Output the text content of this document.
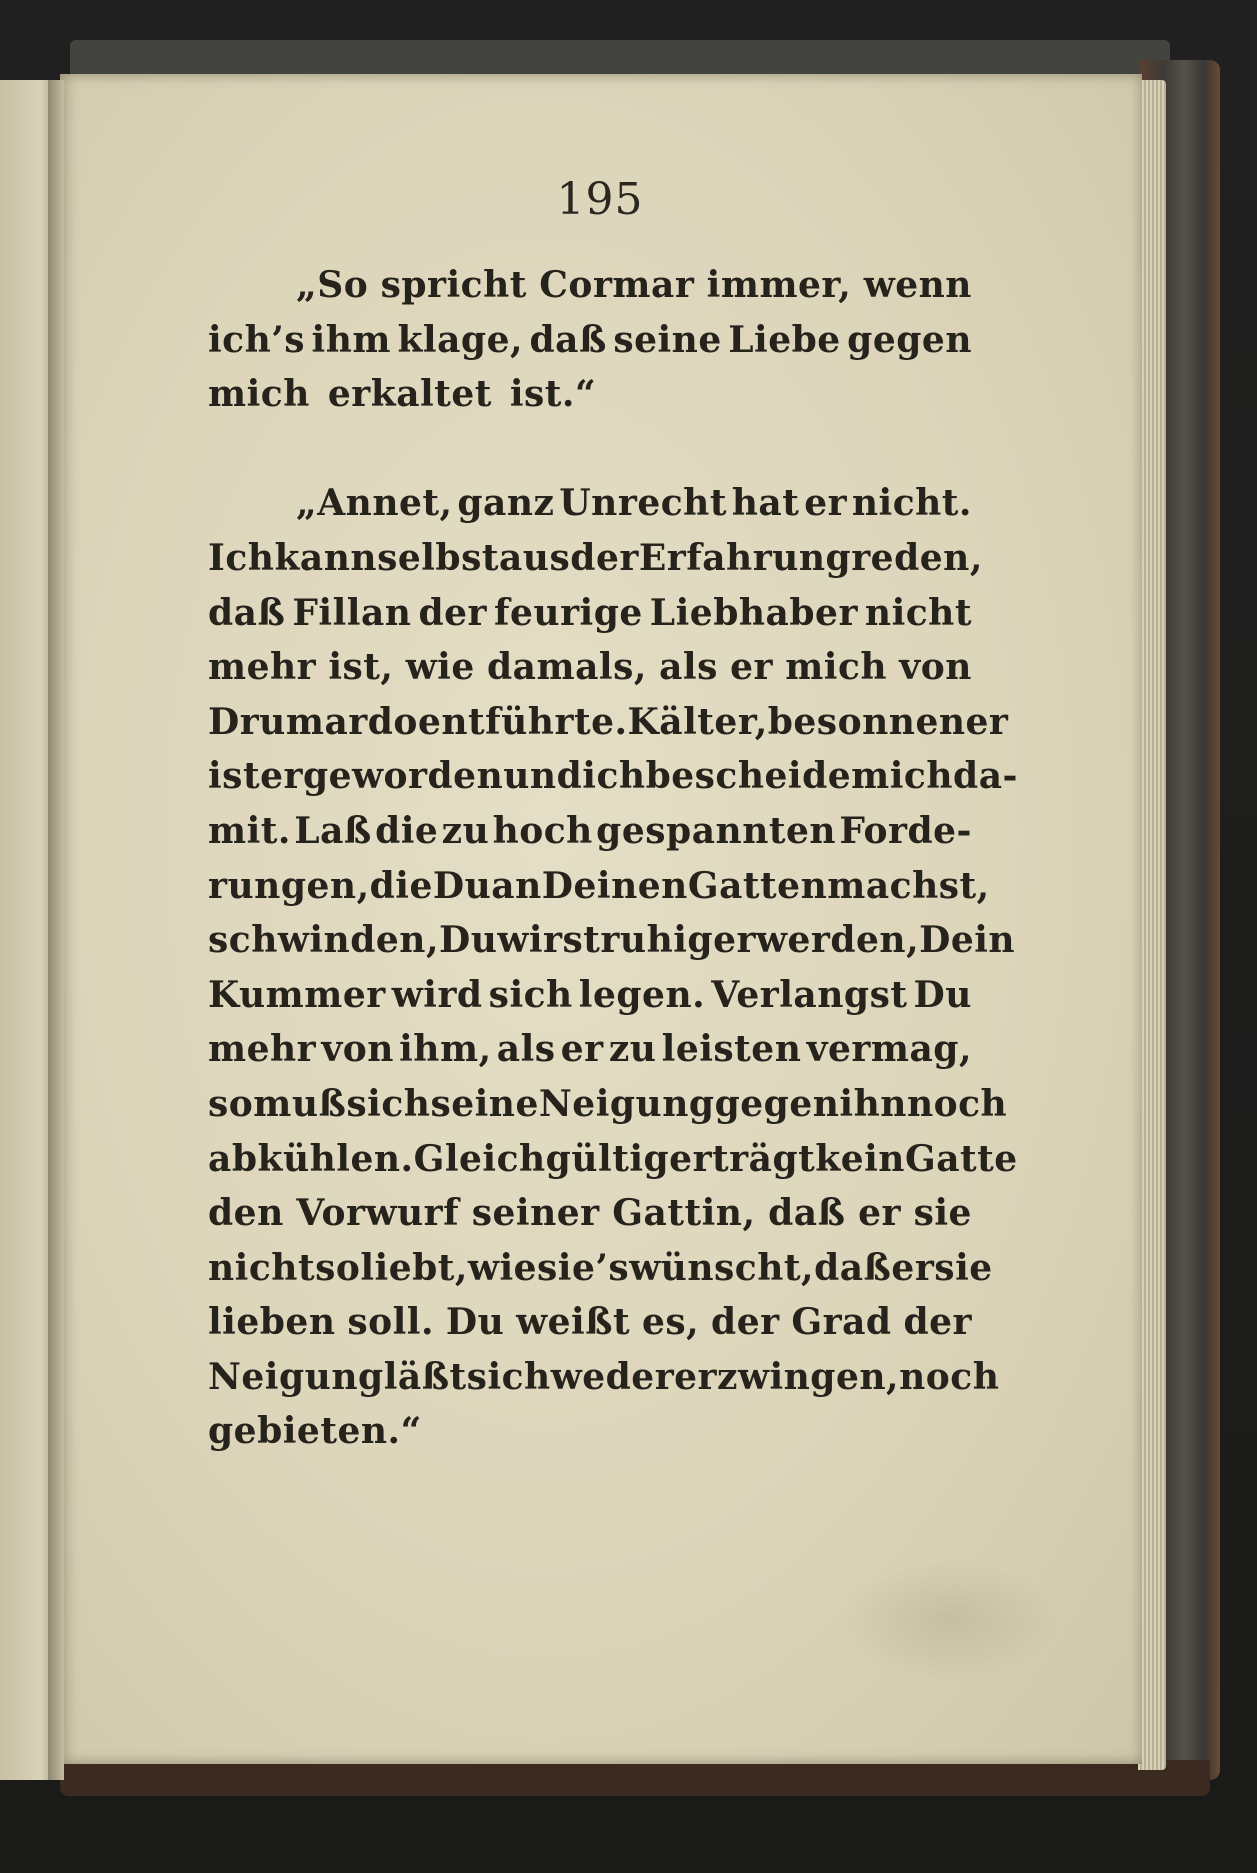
195
„So spricht Cormar immer, wenn
ich’s ihm klage, daß seine Liebe gegen
mich erkaltet ist.“
„Annet, ganz Unrecht hat er nicht.
Ich kann selbst aus der Erfahrung reden,
daß Fillan der feurige Liebhaber nicht
mehr ist, wie damals, als er mich von
Drumardo entführte. Kälter, besonnener
ist er geworden und ich bescheide mich da-
mit. Laß die zu hoch gespannten Forde-
rungen, die Du an Deinen Gatten machst,
schwinden, Du wirst ruhiger werden, Dein
Kummer wird sich legen. Verlangst Du
mehr von ihm, als er zu leisten vermag,
so muß sich seine Neigung gegen ihn noch
abkühlen. Gleichgültig erträgt kein Gatte
den Vorwurf seiner Gattin, daß er sie
nicht so liebt, wie sie’s wünscht, daß er sie
lieben soll. Du weißt es, der Grad der
Neigung läßt sich weder erzwingen, noch
gebieten.“
